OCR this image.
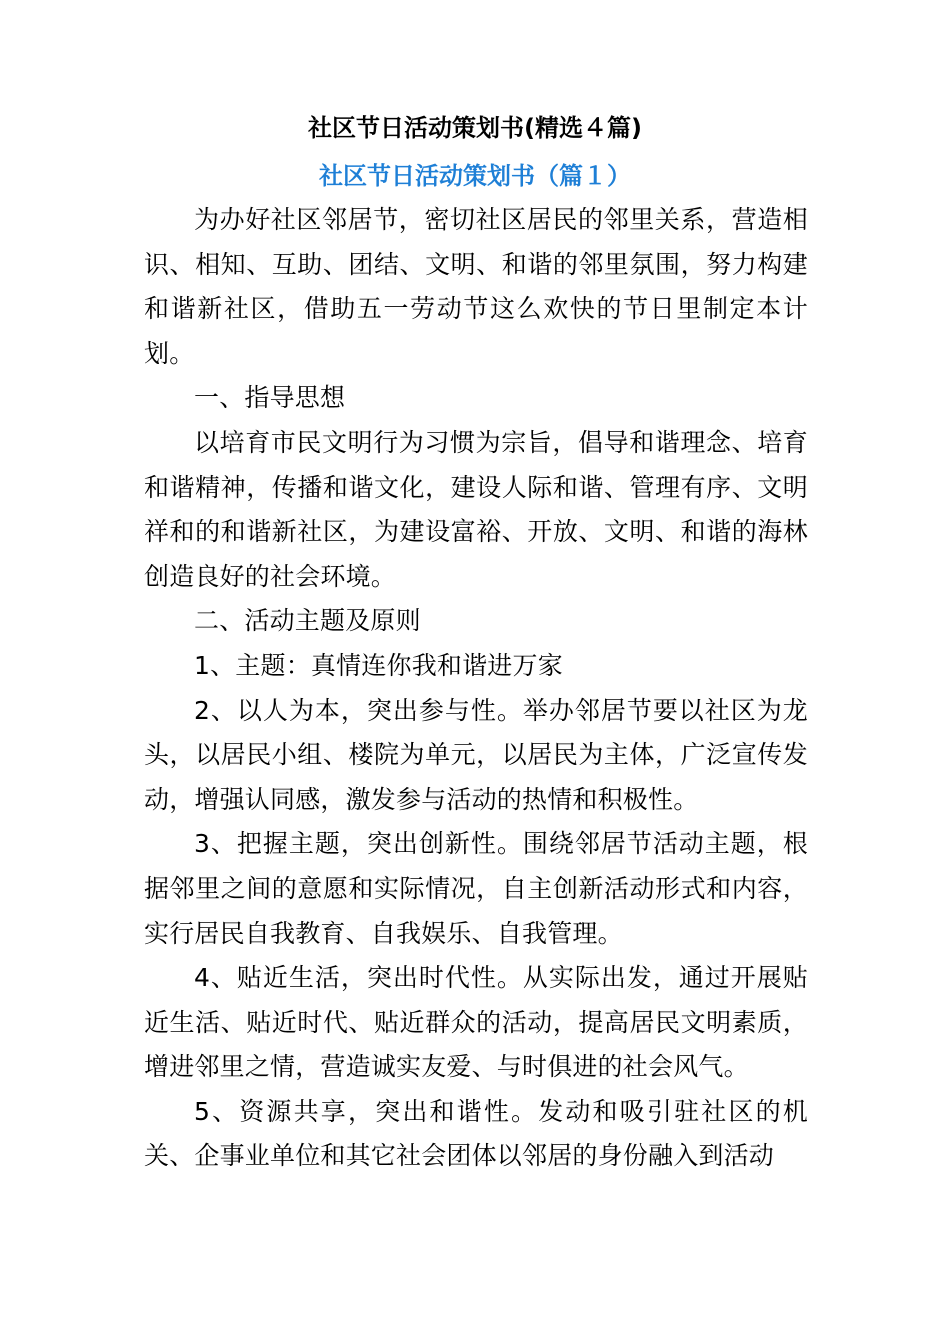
社区节日活动策划书(精选４篇)
社区节日活动策划书（篇１）

为办好社区邻居节，密切社区居民的邻里关系，营造相识、相知、互助、团结、文明、和谐的邻里氛围，努力构建和谐新社区，借助五一劳动节这么欢快的节日里制定本计划。

一、指导思想

以培育市民文明行为习惯为宗旨，倡导和谐理念、培育和谐精神，传播和谐文化，建设人际和谐、管理有序、文明祥和的和谐新社区，为建设富裕、开放、文明、和谐的海林创造良好的社会环境。

二、活动主题及原则

1、主题：真情连你我和谐进万家

2、以人为本，突出参与性。举办邻居节要以社区为龙头，以居民小组、楼院为单元，以居民为主体，广泛宣传发动，增强认同感，激发参与活动的热情和积极性。

3、把握主题，突出创新性。围绕邻居节活动主题，根据邻里之间的意愿和实际情况，自主创新活动形式和内容，实行居民自我教育、自我娱乐、自我管理。

4、贴近生活，突出时代性。从实际出发，通过开展贴近生活、贴近时代、贴近群众的活动，提高居民文明素质，增进邻里之情，营造诚实友爱、与时俱进的社会风气。

5、资源共享，突出和谐性。发动和吸引驻社区的机关、企事业单位和其它社会团体以邻居的身份融入到活动
